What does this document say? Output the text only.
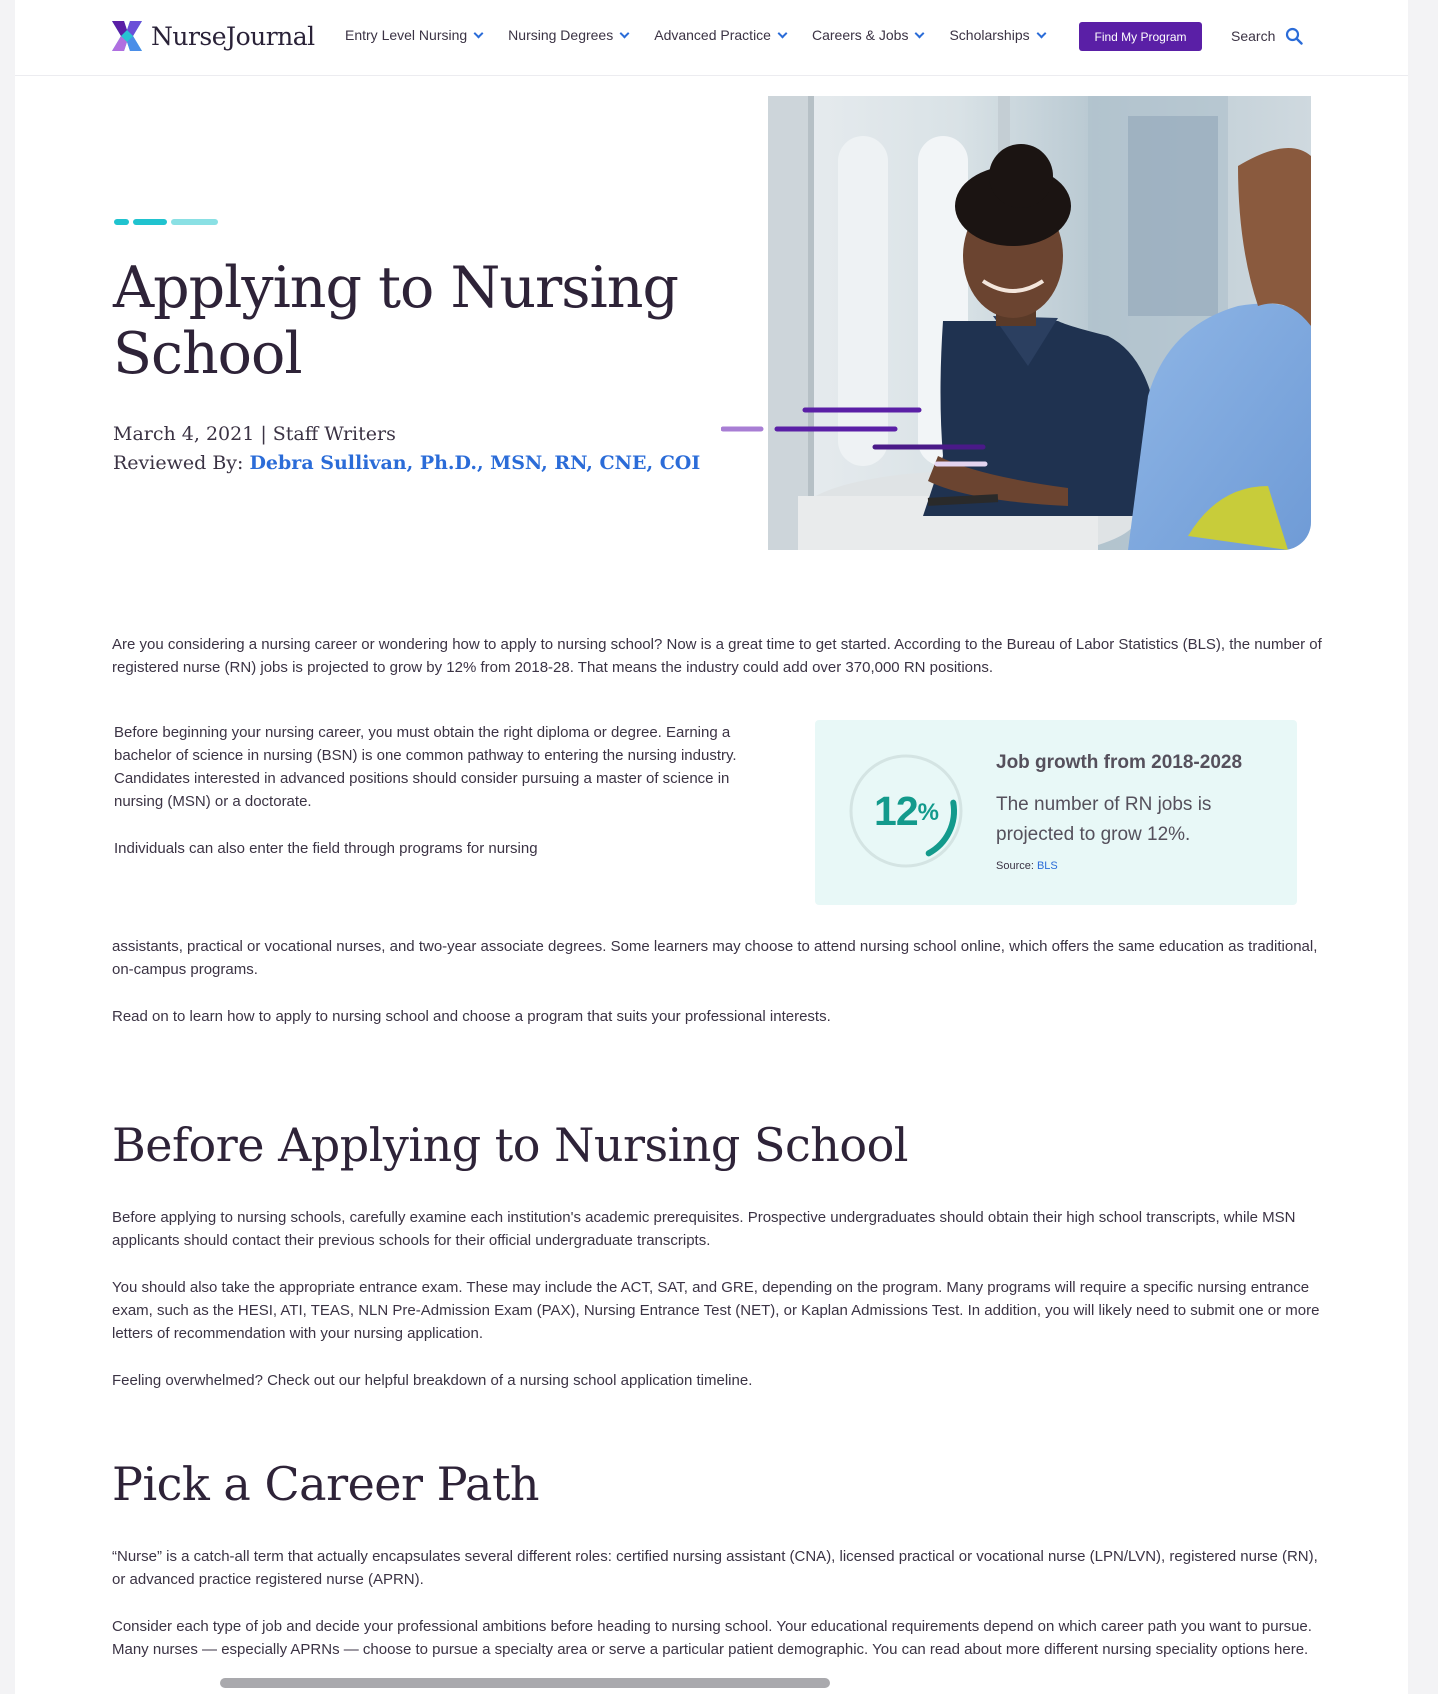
NurseJournal Entry Level Nursing	Nursing Degrees	Advanced Practice	Careers & Jobs	Scholarships	Find My Program	Search
Applying to Nursing School
March 4, 2021 | Staff Writers
Reviewed By: Debra Sullivan, Ph.D., MSN, RN, CNE, COI

Are you considering a nursing career or wondering how to apply to nursing school? Now is a great time to get started. According to the Bureau of Labor Statistics (BLS), the number of registered nurse (RN) jobs is projected to grow by 12% from 2018-28. That means the industry could add over 370,000 RN positions.

Before beginning your nursing career, you must obtain the right diploma or degree. Earning a bachelor of science in nursing (BSN) is one common pathway to entering the nursing industry. Candidates interested in advanced positions should consider pursuing a master of science in nursing (MSN) or a doctorate.

Individuals can also enter the field through programs for nursing

12 %
Job growth from 2018-2028
The number of RN jobs is projected to grow 12%.
Source: BLS

assistants, practical or vocational nurses, and two-year associate degrees. Some learners may choose to attend nursing school online, which offers the same education as traditional, on-campus programs.

Read on to learn how to apply to nursing school and choose a program that suits your professional interests.

Before Applying to Nursing School

Before applying to nursing schools, carefully examine each institution's academic prerequisites. Prospective undergraduates should obtain their high school transcripts, while MSN applicants should contact their previous schools for their official undergraduate transcripts.

You should also take the appropriate entrance exam. These may include the ACT, SAT, and GRE, depending on the program. Many programs will require a specific nursing entrance exam, such as the HESI, ATI, TEAS, NLN Pre-Admission Exam (PAX), Nursing Entrance Test (NET), or Kaplan Admissions Test. In addition, you will likely need to submit one or more letters of recommendation with your nursing application.

Feeling overwhelmed? Check out our helpful breakdown of a nursing school application timeline.

Pick a Career Path

“Nurse” is a catch-all term that actually encapsulates several different roles: certified nursing assistant (CNA), licensed practical or vocational nurse (LPN/LVN), registered nurse (RN), or advanced practice registered nurse (APRN).

Consider each type of job and decide your professional ambitions before heading to nursing school. Your educational requirements depend on which career path you want to pursue. Many nurses — especially APRNs — choose to pursue a specialty area or serve a particular patient demographic. You can read about more different nursing speciality options here.
